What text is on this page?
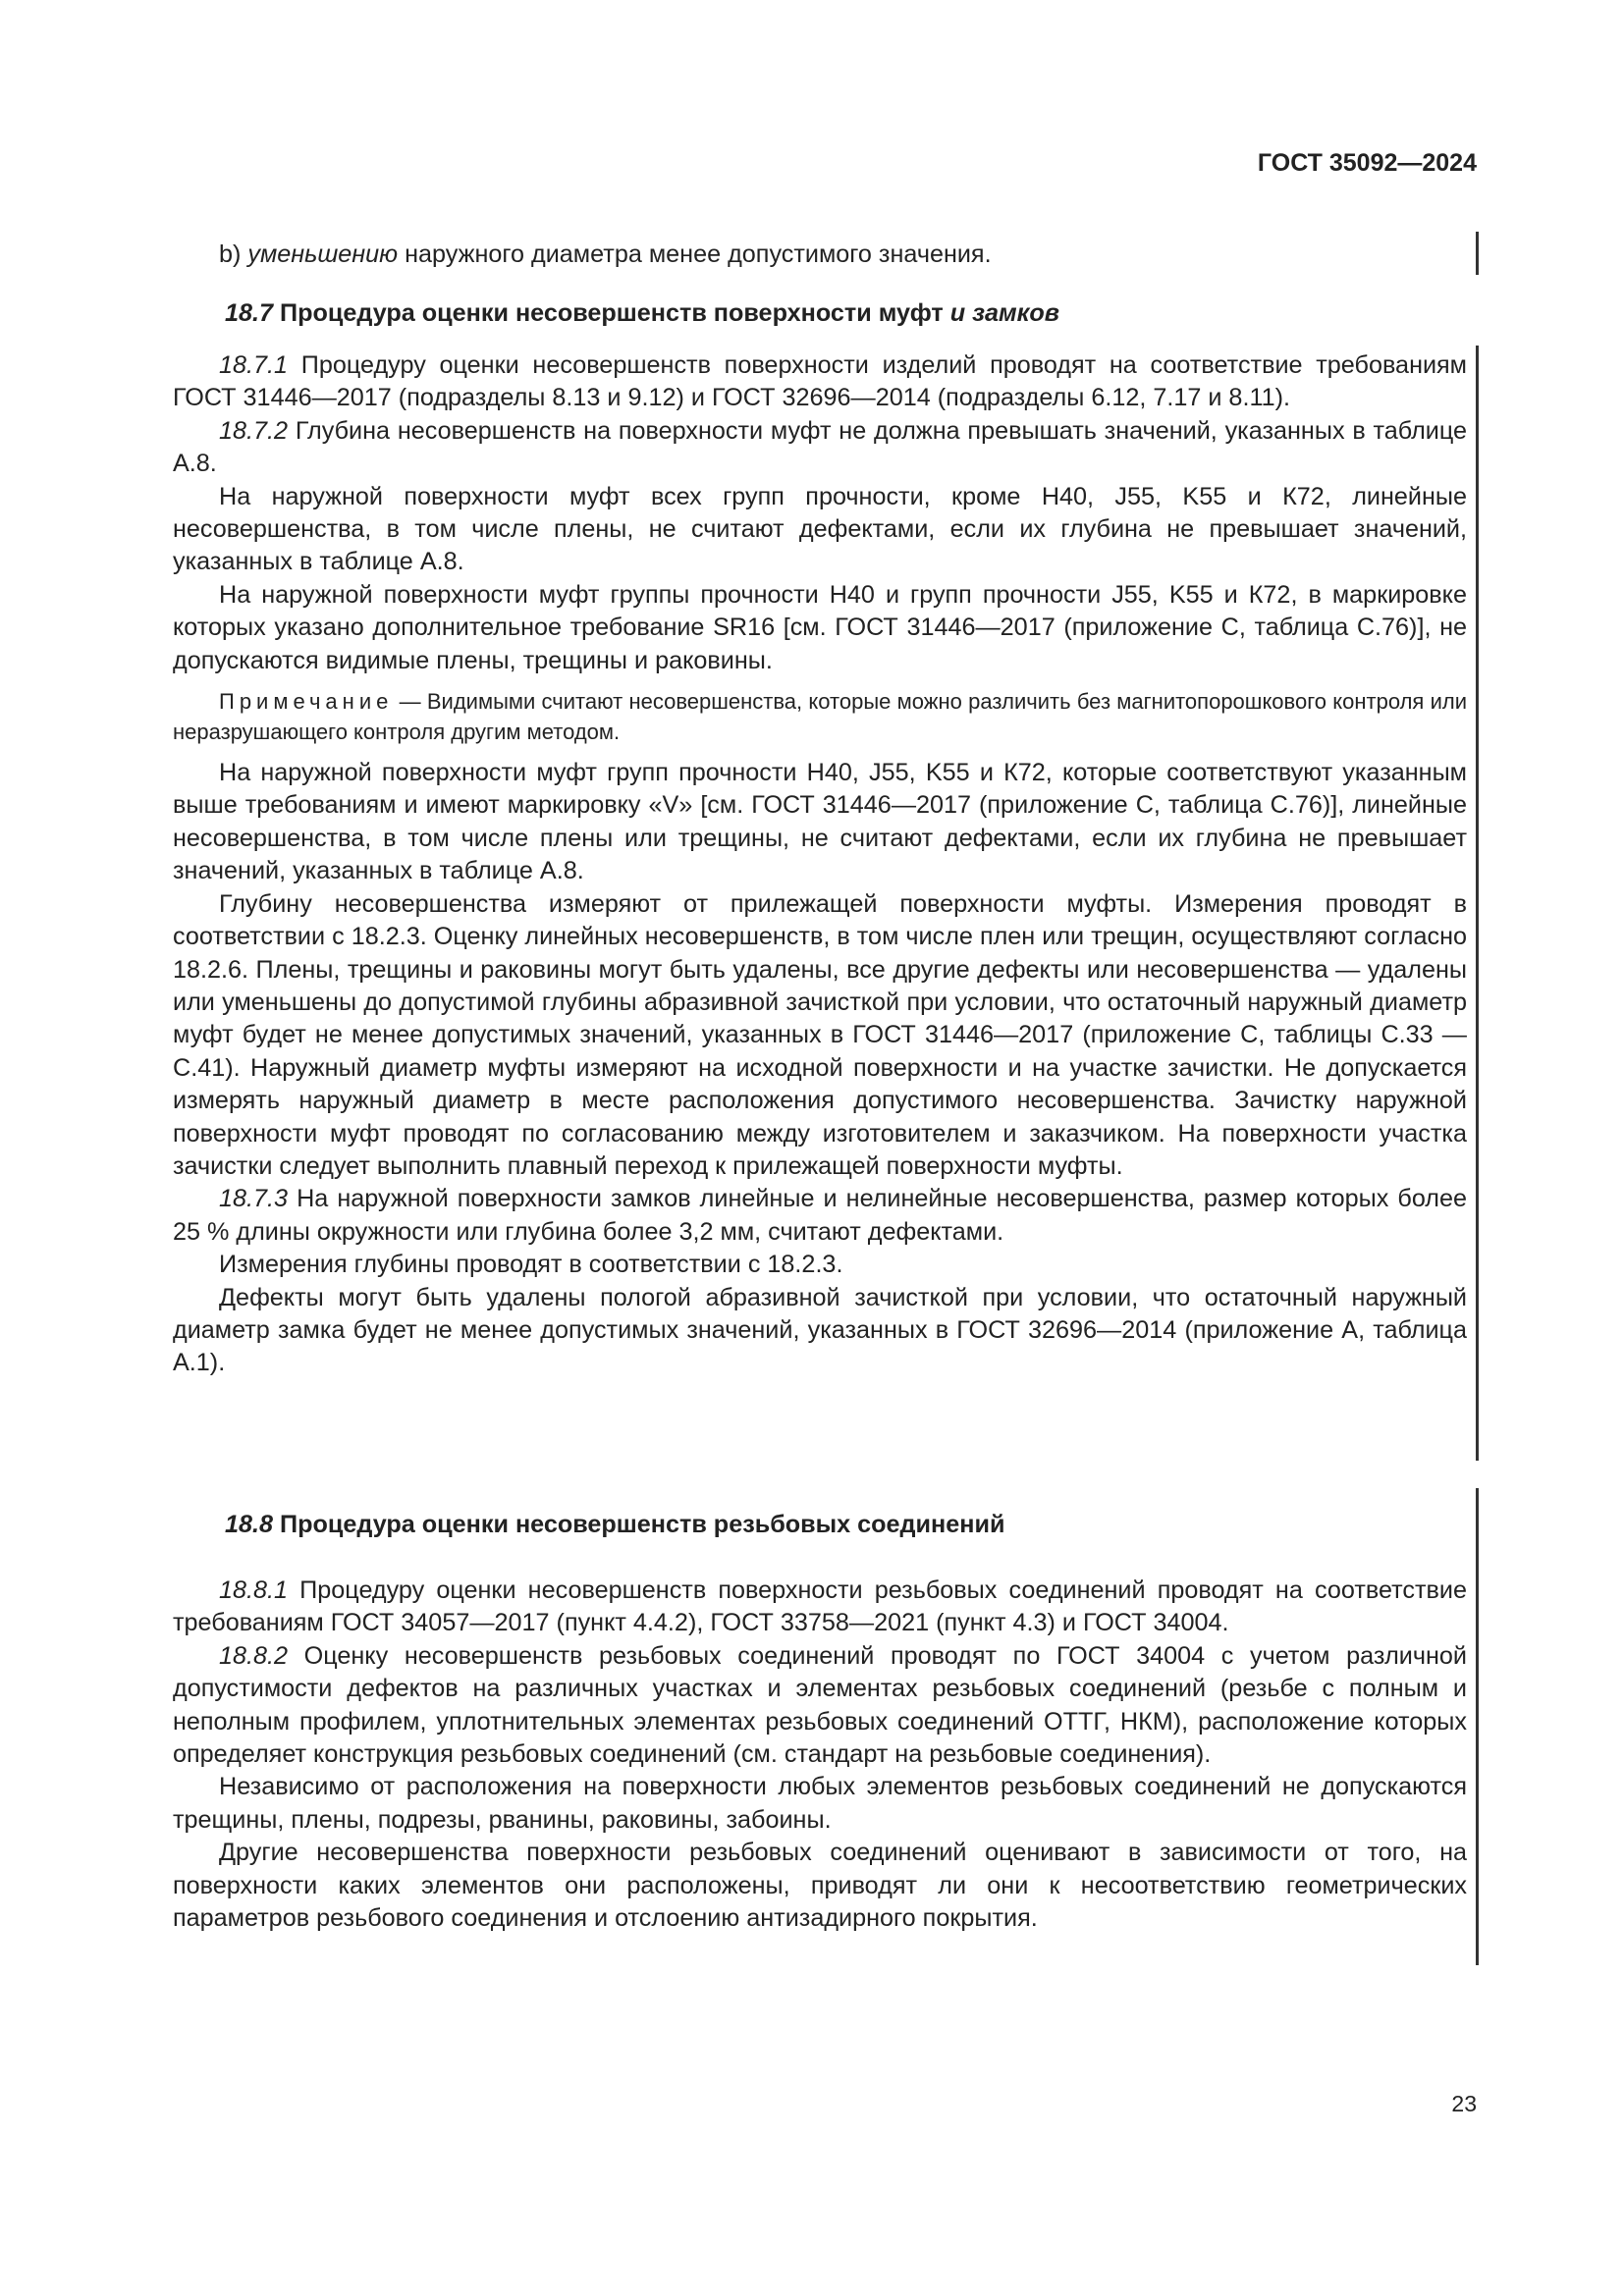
ГОСТ 35092—2024

b) уменьшению наружного диаметра менее допустимого значения.

18.7 Процедура оценки несовершенств поверхности муфт и замков

18.7.1 Процедуру оценки несовершенств поверхности изделий проводят на соответствие требованиям ГОСТ 31446—2017 (подразделы 8.13 и 9.12) и ГОСТ 32696—2014 (подразделы 6.12, 7.17 и 8.11).

18.7.2 Глубина несовершенств на поверхности муфт не должна превышать значений, указанных в таблице А.8.

На наружной поверхности муфт всех групп прочности, кроме Н40, J55, K55 и К72, линейные несовершенства, в том числе плены, не считают дефектами, если их глубина не превышает значений, указанных в таблице А.8.

На наружной поверхности муфт группы прочности Н40 и групп прочности J55, K55 и К72, в маркировке которых указано дополнительное требование SR16 [см. ГОСТ 31446—2017 (приложение С, таблица С.76)], не допускаются видимые плены, трещины и раковины.

Примечание — Видимыми считают несовершенства, которые можно различить без магнитопорошкового контроля или неразрушающего контроля другим методом.

На наружной поверхности муфт групп прочности Н40, J55, K55 и К72, которые соответствуют указанным выше требованиям и имеют маркировку «V» [см. ГОСТ 31446—2017 (приложение С, таблица С.76)], линейные несовершенства, в том числе плены или трещины, не считают дефектами, если их глубина не превышает значений, указанных в таблице А.8.

Глубину несовершенства измеряют от прилежащей поверхности муфты. Измерения проводят в соответствии с 18.2.3. Оценку линейных несовершенств, в том числе плен или трещин, осуществляют согласно 18.2.6. Плены, трещины и раковины могут быть удалены, все другие дефекты или несовершенства — удалены или уменьшены до допустимой глубины абразивной зачисткой при условии, что остаточный наружный диаметр муфт будет не менее допустимых значений, указанных в ГОСТ 31446—2017 (приложение С, таблицы С.33 — С.41). Наружный диаметр муфты измеряют на исходной поверхности и на участке зачистки. Не допускается измерять наружный диаметр в месте расположения допустимого несовершенства. Зачистку наружной поверхности муфт проводят по согласованию между изготовителем и заказчиком. На поверхности участка зачистки следует выполнить плавный переход к прилежащей поверхности муфты.

18.7.3 На наружной поверхности замков линейные и нелинейные несовершенства, размер которых более 25 % длины окружности или глубина более 3,2 мм, считают дефектами.

Измерения глубины проводят в соответствии с 18.2.3.

Дефекты могут быть удалены пологой абразивной зачисткой при условии, что остаточный наружный диаметр замка будет не менее допустимых значений, указанных в ГОСТ 32696—2014 (приложение А, таблица А.1).

18.8 Процедура оценки несовершенств резьбовых соединений

18.8.1 Процедуру оценки несовершенств поверхности резьбовых соединений проводят на соответствие требованиям ГОСТ 34057—2017 (пункт 4.4.2), ГОСТ 33758—2021 (пункт 4.3) и ГОСТ 34004.

18.8.2 Оценку несовершенств резьбовых соединений проводят по ГОСТ 34004 с учетом различной допустимости дефектов на различных участках и элементах резьбовых соединений (резьбе с полным и неполным профилем, уплотнительных элементах резьбовых соединений ОТТГ, НКМ), расположение которых определяет конструкция резьбовых соединений (см. стандарт на резьбовые соединения).

Независимо от расположения на поверхности любых элементов резьбовых соединений не допускаются трещины, плены, подрезы, рванины, раковины, забоины.

Другие несовершенства поверхности резьбовых соединений оценивают в зависимости от того, на поверхности каких элементов они расположены, приводят ли они к несоответствию геометрических параметров резьбового соединения и отслоению антизадирного покрытия.

23
